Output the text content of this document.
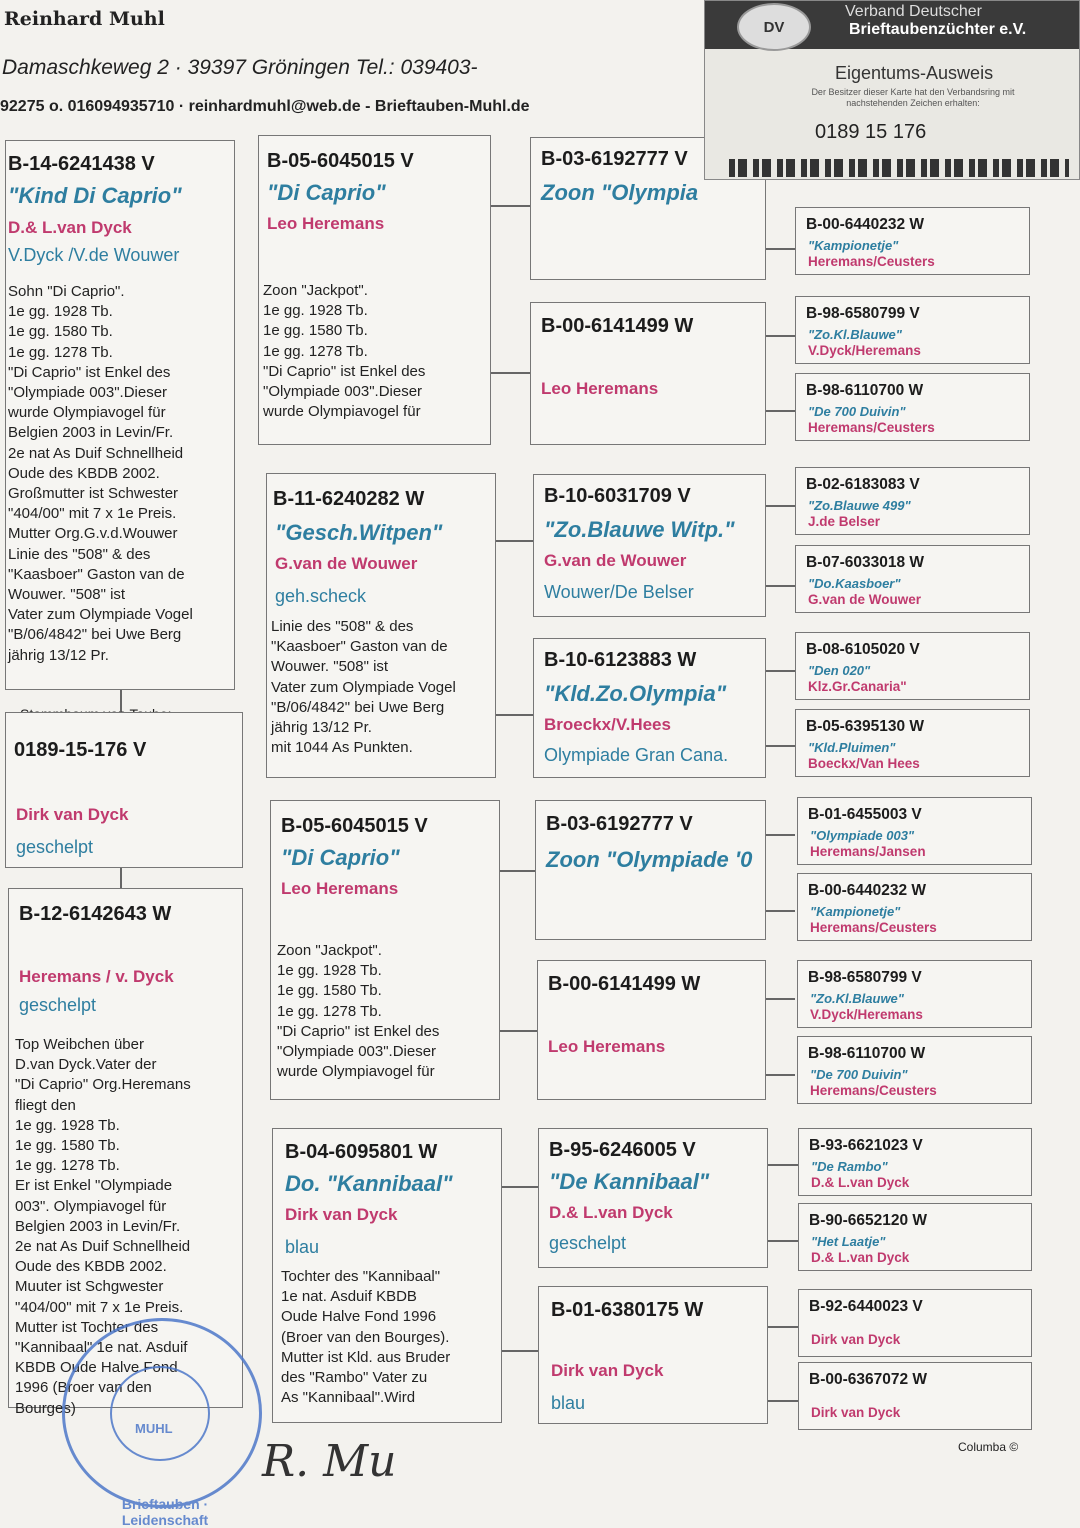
Reinhard Muhl
Damaschkeweg 2 · 39397 Gröningen Tel.: 039403-
92275 o. 016094935710 · reinhardmuhl@web.de - Brieftauben-Muhl.de
B-14-6241438 V
"Kind Di Caprio"
D.& L.van Dyck
V.Dyck /V.de Wouwer
Sohn "Di Caprio".
1e gg. 1928 Tb.
1e gg. 1580 Tb.
1e gg. 1278 Tb.
"Di Caprio" ist Enkel des
"Olympiade 003".Dieser
wurde Olympiavogel für
Belgien 2003 in Levin/Fr.
2e nat As Duif Schnellheid
Oude des KBDB 2002.
Großmutter ist Schwester
"404/00" mit 7 x 1e Preis.
Mutter Org.G.v.d.Wouwer
Linie des "508" & des
"Kaasboer" Gaston van de
Wouwer. "508" ist
Vater zum Olympiade Vogel
"B/06/4842" bei Uwe Berg
jährig 13/12 Pr.
0189-15-176 V
Dirk van Dyck
geschelpt
B-12-6142643 W
Heremans / v. Dyck
geschelpt
Top Weibchen über
D.van Dyck.Vater der
"Di Caprio" Org.Heremans
fliegt den
1e gg. 1928 Tb.
1e gg. 1580 Tb.
1e gg. 1278 Tb.
Er ist Enkel "Olympiade
003". Olympiavogel für
Belgien 2003 in Levin/Fr.
2e nat As Duif Schnellheid
Oude des KBDB 2002.
Muuter ist Schgwester
"404/00" mit 7 x 1e Preis.
Mutter ist Tochter des
"Kannibaal" 1e nat. Asduif
KBDB Oude Halve Fond
1996 (Broer van den
Bourges)
B-05-6045015 V
"Di Caprio"
Leo Heremans
Zoon "Jackpot".
1e gg. 1928 Tb.
1e gg. 1580 Tb.
1e gg. 1278 Tb.
"Di Caprio" ist Enkel des
"Olympiade 003".Dieser
wurde Olympiavogel für
B-11-6240282 W
"Gesch.Witpen"
G.van de Wouwer
geh.scheck
Linie des "508" & des
"Kaasboer" Gaston van de
Wouwer. "508" ist
Vater zum Olympiade Vogel
"B/06/4842" bei Uwe Berg
jährig 13/12 Pr.
mit 1044 As Punkten.
B-05-6045015 V
"Di Caprio"
Leo Heremans
Zoon "Jackpot".
1e gg. 1928 Tb.
1e gg. 1580 Tb.
1e gg. 1278 Tb.
"Di Caprio" ist Enkel des
"Olympiade 003".Dieser
wurde Olympiavogel für
B-04-6095801 W
Do. "Kannibaal"
Dirk van Dyck
blau
Tochter des "Kannibaal"
1e nat. Asduif KBDB
Oude Halve Fond 1996
(Broer van den Bourges).
Mutter ist Kld. aus Bruder
des "Rambo" Vater zu
As "Kannibaal".Wird
B-03-6192777 V
Zoon "Olympia
B-00-6141499 W
Leo Heremans
B-10-6031709 V
"Zo.Blauwe Witp."
G.van de Wouwer
Wouwer/De Belser
B-10-6123883 W
"Kld.Zo.Olympia"
Broeckx/V.Hees
Olympiade Gran Cana.
B-03-6192777 V
Zoon "Olympiade '0
B-00-6141499 W
Leo Heremans
B-95-6246005 V
"De Kannibaal"
D.& L.van Dyck
geschelpt
B-01-6380175 W
Dirk van Dyck
blau
B-00-6440232 W
"Kampionetje"
Heremans/Ceusters
B-98-6580799 V
"Zo.Kl.Blauwe"
V.Dyck/Heremans
B-98-6110700 W
"De 700 Duivin"
Heremans/Ceusters
B-02-6183083 V
"Zo.Blauwe 499"
J.de Belser
B-07-6033018 W
"Do.Kaasboer"
G.van de Wouwer
B-08-6105020 V
"Den 020"
Klz.Gr.Canaria"
B-05-6395130 W
"Kld.Pluimen"
Boeckx/Van Hees
B-01-6455003 V
"Olympiade 003"
Heremans/Jansen
B-00-6440232 W
"Kampionetje"
Heremans/Ceusters
B-98-6580799 V
"Zo.Kl.Blauwe"
V.Dyck/Heremans
B-98-6110700 W
"De 700 Duivin"
Heremans/Ceusters
B-93-6621023 V
"De Rambo"
D.& L.van Dyck
B-90-6652120 W
"Het Laatje"
D.& L.van Dyck
B-92-6440023 V
Dirk van Dyck
B-00-6367072 W
Dirk van Dyck
DV
Verband Deutscher
Brieftaubenzüchter e.V.
Eigentums-Ausweis
Der Besitzer dieser Karte hat den Verbandsring mit nachstehenden Zeichen erhalten:
0189 15 176
MUHL
Brieftauben · Leidenschaft
R. Mu	Columba ©
